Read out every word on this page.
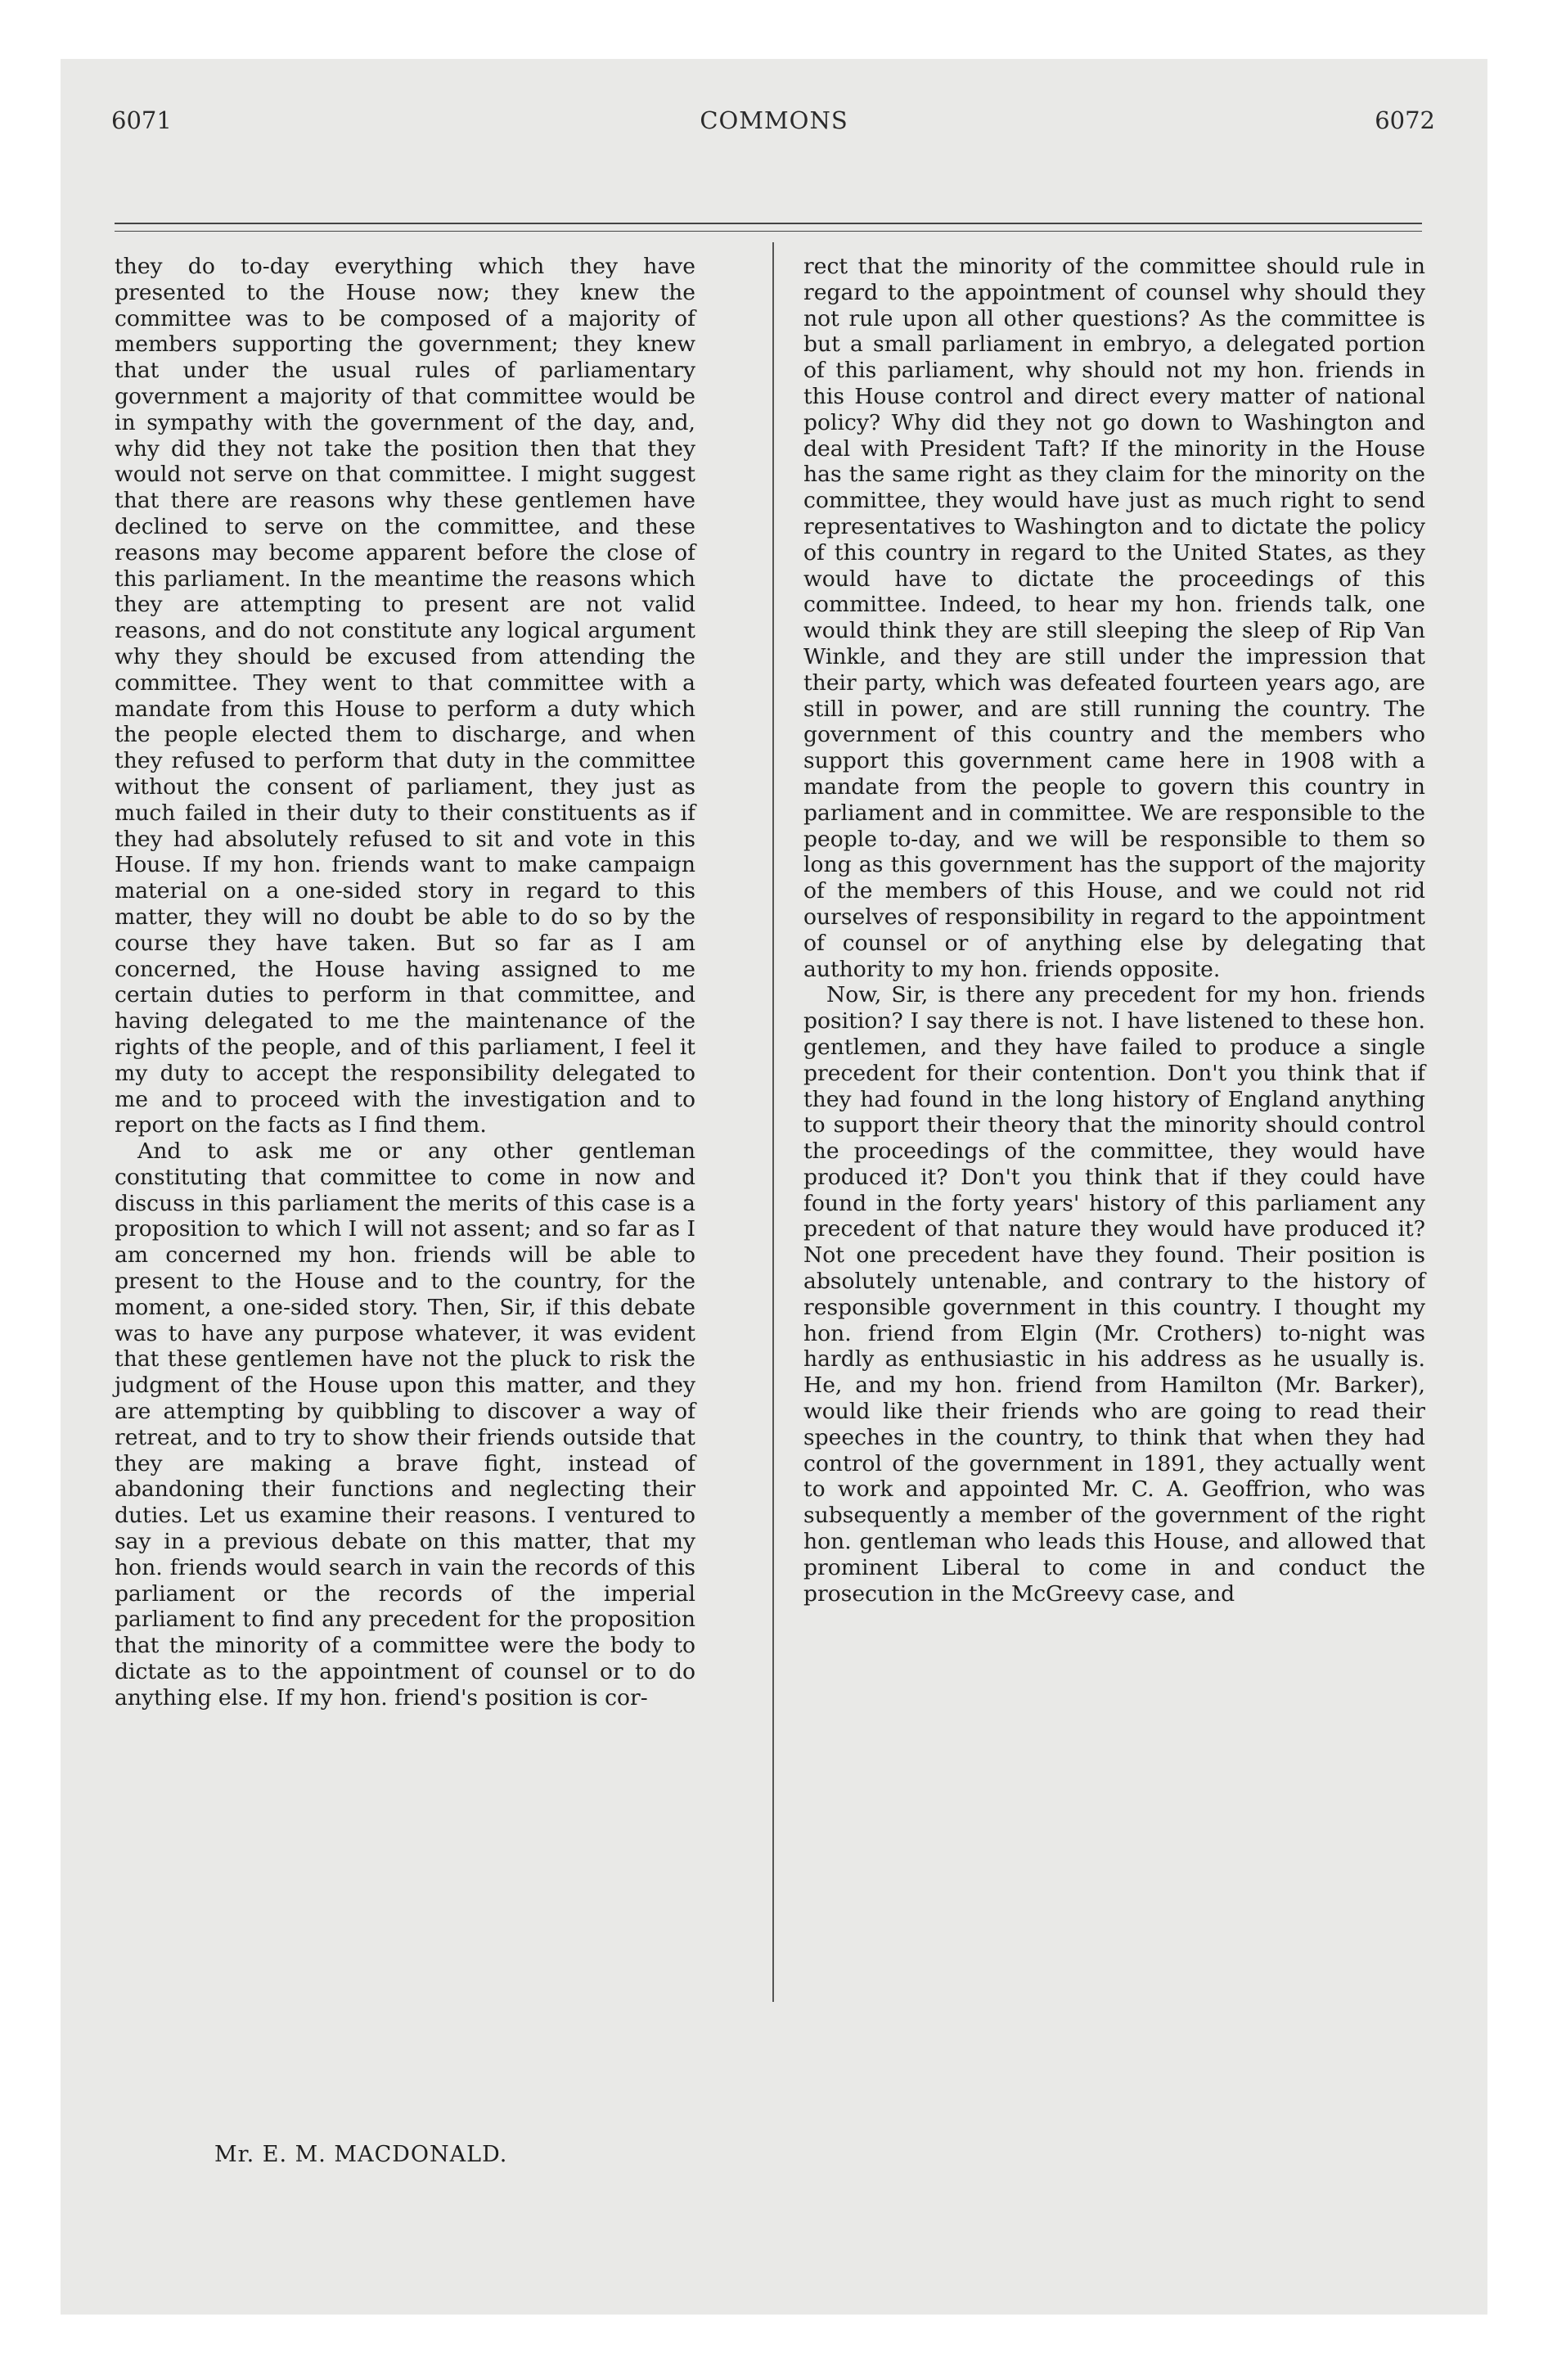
6071	COMMONS	6072

they do to-day everything which they have presented to the House now; they knew the committee was to be composed of a majority of members supporting the government; they knew that under the usual rules of parliamentary government a majority of that committee would be in sympathy with the government of the day, and, why did they not take the position then that they would not serve on that committee. I might suggest that there are reasons why these gentlemen have declined to serve on the committee, and these reasons may become apparent before the close of this parliament. In the meantime the reasons which they are attempting to present are not valid reasons, and do not constitute any logical argument why they should be excused from attending the committee. They went to that committee with a mandate from this House to perform a duty which the people elected them to discharge, and when they refused to perform that duty in the committee without the consent of parliament, they just as much failed in their duty to their constituents as if they had absolutely refused to sit and vote in this House. If my hon. friends want to make campaign material on a one-sided story in regard to this matter, they will no doubt be able to do so by the course they have taken. But so far as I am concerned, the House having assigned to me certain duties to perform in that committee, and having delegated to me the maintenance of the rights of the people, and of this parliament, I feel it my duty to accept the responsibility delegated to me and to proceed with the investigation and to report on the facts as I find them.

And to ask me or any other gentleman constituting that committee to come in now and discuss in this parliament the merits of this case is a proposition to which I will not assent; and so far as I am concerned my hon. friends will be able to present to the House and to the country, for the moment, a one-sided story. Then, Sir, if this debate was to have any purpose whatever, it was evident that these gentlemen have not the pluck to risk the judgment of the House upon this matter, and they are attempting by quibbling to discover a way of retreat, and to try to show their friends outside that they are making a brave fight, instead of abandoning their functions and neglecting their duties. Let us examine their reasons. I ventured to say in a previous debate on this matter, that my hon. friends would search in vain the records of this parliament or the records of the imperial parliament to find any precedent for the proposition that the minority of a committee were the body to dictate as to the appointment of counsel or to do anything else. If my hon. friend's position is cor-

rect that the minority of the committee should rule in regard to the appointment of counsel why should they not rule upon all other questions? As the committee is but a small parliament in embryo, a delegated portion of this parliament, why should not my hon. friends in this House control and direct every matter of national policy? Why did they not go down to Washington and deal with President Taft? If the minority in the House has the same right as they claim for the minority on the committee, they would have just as much right to send representatives to Washington and to dictate the policy of this country in regard to the United States, as they would have to dictate the proceedings of this committee. Indeed, to hear my hon. friends talk, one would think they are still sleeping the sleep of Rip Van Winkle, and they are still under the impression that their party, which was defeated fourteen years ago, are still in power, and are still running the country. The government of this country and the members who support this government came here in 1908 with a mandate from the people to govern this country in parliament and in committee. We are responsible to the people to-day, and we will be responsible to them so long as this government has the support of the majority of the members of this House, and we could not rid ourselves of responsibility in regard to the appointment of counsel or of anything else by delegating that authority to my hon. friends opposite.

Now, Sir, is there any precedent for my hon. friends position? I say there is not. I have listened to these hon. gentlemen, and they have failed to produce a single precedent for their contention. Don't you think that if they had found in the long history of England anything to support their theory that the minority should control the proceedings of the committee, they would have produced it? Don't you think that if they could have found in the forty years' history of this parliament any precedent of that nature they would have produced it? Not one precedent have they found. Their position is absolutely untenable, and contrary to the history of responsible government in this country. I thought my hon. friend from Elgin (Mr. Crothers) to-night was hardly as enthusiastic in his address as he usually is. He, and my hon. friend from Hamilton (Mr. Barker), would like their friends who are going to read their speeches in the country, to think that when they had control of the government in 1891, they actually went to work and appointed Mr. C. A. Geoffrion, who was subsequently a member of the government of the right hon. gentleman who leads this House, and allowed that prominent Liberal to come in and conduct the prosecution in the McGreevy case, and

Mr. E. M. MACDONALD.
